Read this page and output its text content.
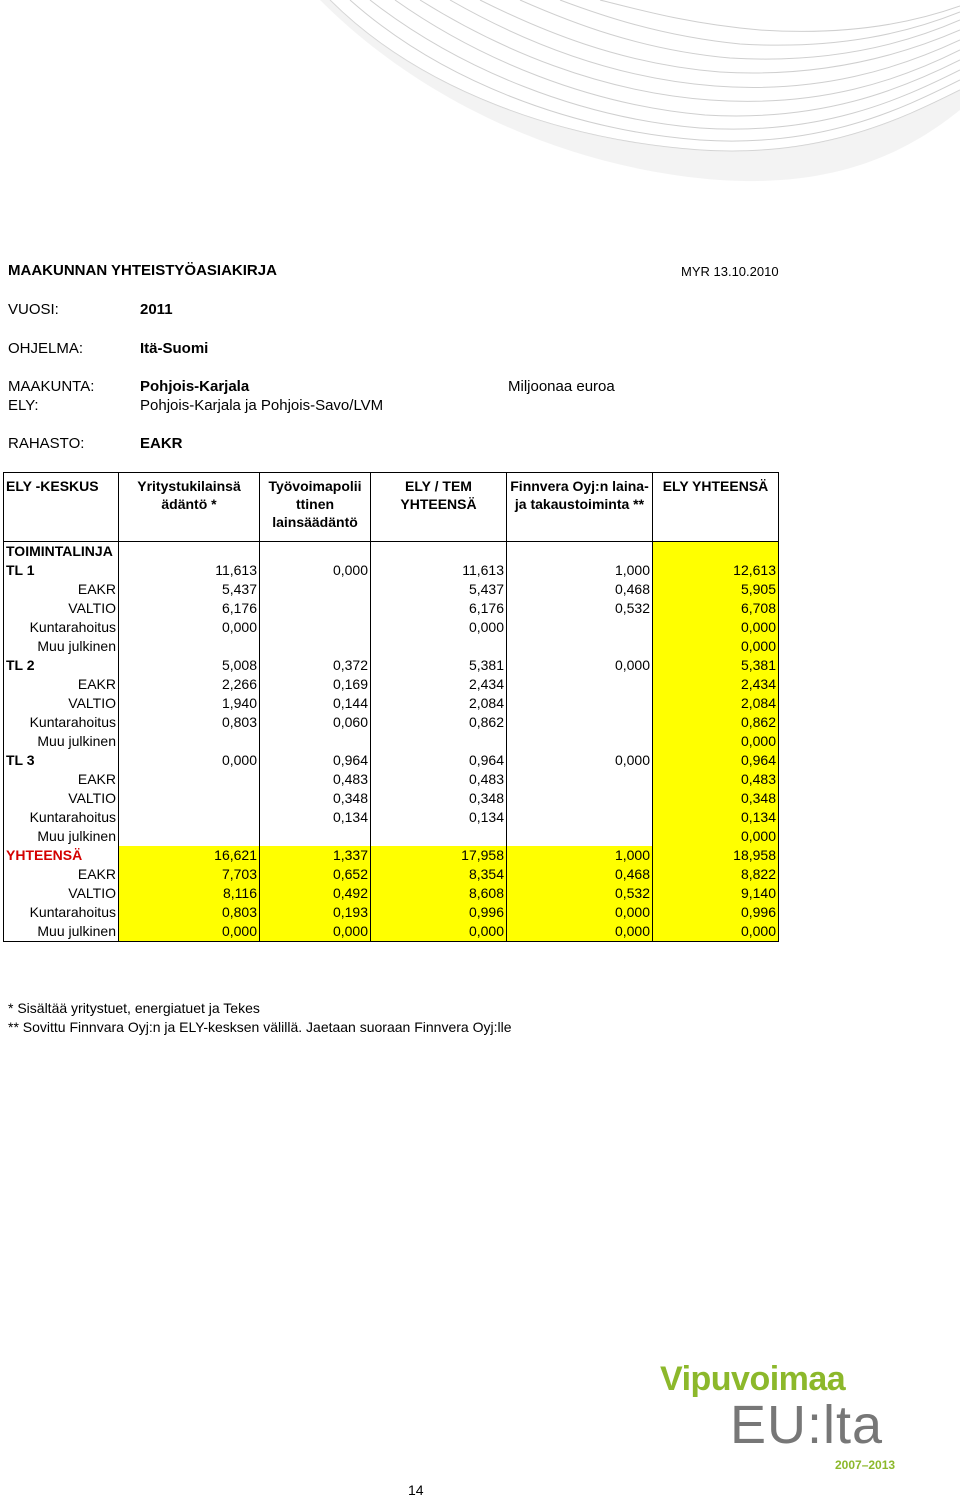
MAAKUNNAN YHTEISTYÖASIAKIRJA	MYR 13.10.2010
VUOSI:	2011
OHJELMA:	Itä-Suomi
MAAKUNTA:	Pohjois-Karjala	Miljoonaa euroa
ELY:	Pohjois-Karjala ja Pohjois-Savo/LVM
RAHASTO:	EAKR
ELY -KESKUS	Yritystukilainsä ädäntö *	Työvoimapolii ttinen lainsäädäntö	ELY / TEM YHTEENSÄ	Finnvera Oyj:n laina- ja takaustoiminta **	ELY YHTEENSÄ
TOIMINTALINJA					
TL 1	11,613	0,000	11,613	1,000	12,613
EAKR	5,437		5,437	0,468	5,905
VALTIO	6,176		6,176	0,532	6,708
Kuntarahoitus	0,000		0,000		0,000
Muu julkinen					0,000
TL 2	5,008	0,372	5,381	0,000	5,381
EAKR	2,266	0,169	2,434		2,434
VALTIO	1,940	0,144	2,084		2,084
Kuntarahoitus	0,803	0,060	0,862		0,862
Muu julkinen					0,000
TL 3	0,000	0,964	0,964	0,000	0,964
EAKR		0,483	0,483		0,483
VALTIO		0,348	0,348		0,348
Kuntarahoitus		0,134	0,134		0,134
Muu julkinen					0,000
YHTEENSÄ	16,621	1,337	17,958	1,000	18,958
EAKR	7,703	0,652	8,354	0,468	8,822
VALTIO	8,116	0,492	8,608	0,532	9,140
Kuntarahoitus	0,803	0,193	0,996	0,000	0,996
Muu julkinen	0,000	0,000	0,000	0,000	0,000
* Sisältää yritystuet, energiatuet ja Tekes
** Sovittu Finnvara Oyj:n ja ELY-kesksen välillä. Jaetaan suoraan Finnvera Oyj:lle
Vipuvoimaa
EU:lta
2007–2013
14
